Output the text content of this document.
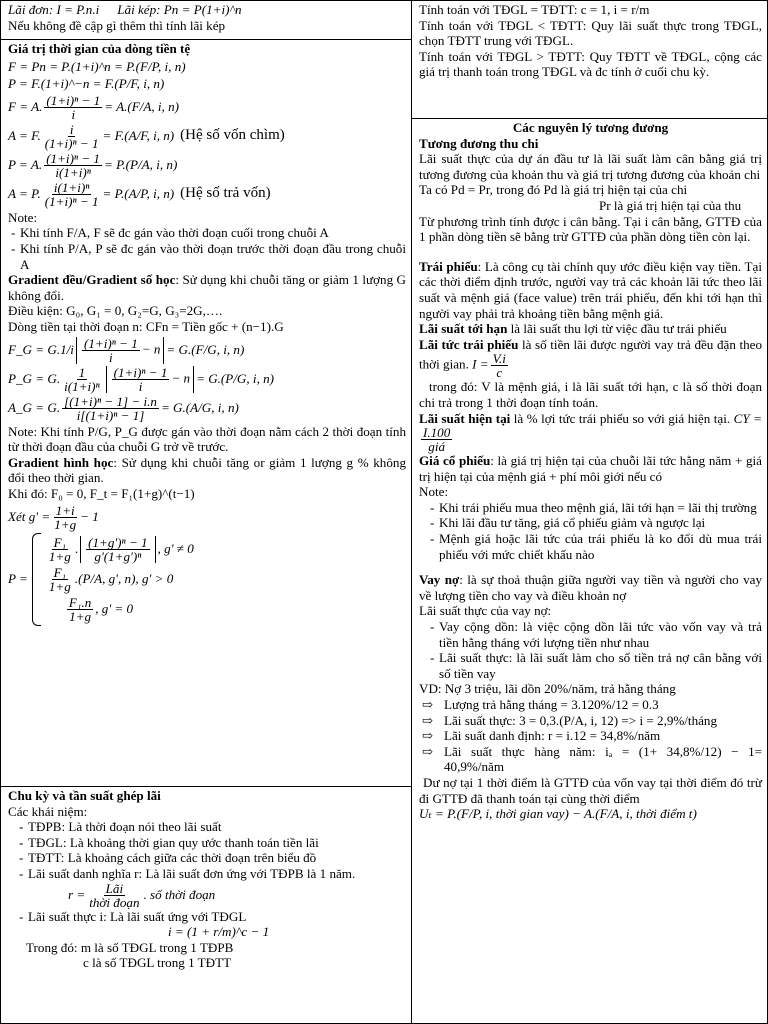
Lãi đơn: I = P.n.i Lãi kép: Pn = P(1+i)^n
Nếu không đề cập gì thêm thì tính lãi kép
Giá trị thời gian của dòng tiền tệ
F = Pn = P.(1+i)^n = P.(F/P, i, n)
P = F.(1+i)^−n = F.(P/F, i, n)
F = A. $\frac{\text{(1+i)ⁿ − 1}}{i} = A.(F/A$, i, n)
A = F. $\frac{i}{\text{(1+i)ⁿ − 1}} = F.(A/F$, i, n) (Hệ số vốn chìm)
P = A. $\frac{\text{(1+i)ⁿ − 1}}{\text{i(1+i)ⁿ}} = P.(P/A$, i, n)
A = P. $\frac{\text{i(1+i)ⁿ}}{\text{(1+i)ⁿ − 1}} = P.(A/P$, i, n) (Hệ số trả vốn)
Note:
- Khi tính F/A, F sẽ đc gán vào thời đoạn cuối trong chuỗi A
- Khi tính P/A, P sẽ đc gán vào thời đoạn trước thời đoạn đầu trong chuỗi A

Gradient đều/Gradient số học: Sử dụng khi chuỗi tăng or giảm 1 lượng G không đổi.

Điều kiện: G₀, G₁ = 0, G₂=G, G₃=2G,….
Dòng tiền tại thời đoạn n: CFn = Tiền gốc + (n−1).G
F_G = G. $1/i \frac{\text{(1+i)ⁿ − 1}}{i} - n = G.(F/G$, i, n)
P_G = G. $\frac{1}{\text{i(1+i)ⁿ}} \frac{\text{(1+i)ⁿ − 1}}{i} - n = G.(P/G$, i, n)
A_G = G. $\frac{\text{[(1+i)ⁿ − 1] − i.n}}{\text{i[(1+i)ⁿ − 1]}} = G.(A/G$, i, n)

Note: Khi tính P/G, P_G được gán vào thời đoạn nằm cách 2 thời đoạn tính từ thời đoạn đầu của chuỗi G trở về trước.

Gradient hình học: Sử dụng khi chuỗi tăng or giảm 1 lượng g % không đổi theo thời gian.

Khi đó: F₀ = 0, F_t = F₁(1+g)^(t−1)
Xét $g' = \frac{1+i}{1+g} - 1$
P =
$\frac{\text{F₁}}{1+g}$ . $\frac{\text{(1+g')ⁿ − 1}}{\text{g'(1+g')ⁿ}}$ , g' ≠ 0
$\frac{\text{F₁}}{1+g} .(P/A$, g', n), g' > 0
$\frac{\text{F₁.n}}{1+g}$ , g' = 0
Chu kỳ và tần suất ghép lãi
Các khái niệm:
- TĐPB: Là thời đoạn nói theo lãi suất
- TĐGL: Là khoảng thời gian quy ước thanh toán tiền lãi
- TĐTT: Là khoảng cách giữa các thời đoạn trên biểu đồ
- Lãi suất danh nghĩa r: Là lãi suất đơn ứng với TĐPB là 1 năm.
$r = \frac{\text{Lãi}}{\text{thời đoạn}}$ . số thời đoạn
- Lãi suất thực i: Là lãi suất ứng với TĐGL
i = (1 + r/m)^c − 1
Trong đó: m là số TĐGL trong 1 TĐPB
c là số TĐGL trong 1 TĐTT

Tính toán với TĐGL = TĐTT: c = 1, i = r/m

Tính toán với TĐGL < TĐTT: Quy lãi suất thực trong TĐGL, chọn TĐTT trung với TĐGL.

Tính toán với TĐGL > TĐTT: Quy TĐTT về TĐGL, cộng các giá trị thanh toán trong TĐGL và đc tính ở cuối chu kỳ.

Các nguyên lý tương đương
Tương đương thu chi

Lãi suất thực của dự án đầu tư là lãi suất làm cân bằng giá trị tương đương của khoản thu và giá trị tương đương của khoản chi

Ta có Pd = Pr, trong đó Pd là giá trị hiện tại của chi
Pr là giá trị hiện tại của thu

Từ phương trình tính được i cân bằng. Tại i cân bằng, GTTĐ của 1 phần dòng tiền sẽ bằng trừ GTTĐ của phần dòng tiền còn lại.

Trái phiếu: Là công cụ tài chính quy ước điều kiện vay tiền. Tại các thời điểm định trước, người vay trả các khoản lãi tức theo lãi suất và mệnh giá (face value) trên trái phiếu, đến khi tới hạn thì người vay phải trả khoảng tiền bằng mệnh giá.

Lãi suất tới hạn là lãi suất thu lợi từ việc đầu tư trái phiếu

Lãi tức trái phiếu là số tiền lãi được người vay trả đều đặn theo thời gian. $I = \frac{V.i}{c}$

trong đó: V là mệnh giá, i là lãi suất tới hạn, c là số thời đoạn chi trả trong 1 thời đoạn tính toán.

Lãi suất hiện tại là % lợi tức trái phiếu so với giá hiện tại. CY =
$\frac{I.100}{\text{giá}}$

Giá cổ phiếu: là giá trị hiện tại của chuỗi lãi tức hằng năm + giá trị hiện tại của mệnh giá + phí môi giới nếu có

Note:
- Khi trái phiếu mua theo mệnh giá, lãi tới hạn = lãi thị trường
- Khi lãi đầu tư tăng, giá cổ phiếu giảm và ngược lại
- Mệnh giá hoặc lãi tức của trái phiếu là ko đổi dù mua trái phiếu với mức chiết khấu nào

Vay nợ: là sự thoả thuận giữa người vay tiền và người cho vay về lượng tiền cho vay và điều khoản nợ

Lãi suất thực của vay nợ:
- Vay cộng dồn: là việc cộng dồn lãi tức vào vốn vay và trả tiền hằng tháng với lượng tiền như nhau
- Lãi suất thực: là lãi suất làm cho số tiền trả nợ cân bằng với số tiền vay
VD: Nợ 3 triệu, lãi dồn 20%/năm, trả hằng tháng
⇨ Lượng trả hằng tháng = 3.120%/12 = 0.3
⇨ Lãi suất thực: 3 = 0,3.(P/A, i, 12) => i = 2,9%/tháng
⇨ Lãi suất danh định: r = i.12 = 34,8%/năm
⇨ Lãi suất thực hàng năm: iₐ = (1+ 34,8%/12) − 1= 40,9%/năm

Dư nợ tại 1 thời điểm là GTTĐ của vốn vay tại thời điểm đó trừ đi GTTĐ đã thanh toán tại cùng thời điểm

Uₜ = P.(F/P, i, thời gian vay) − A.(F/A, i, thời điểm t)
